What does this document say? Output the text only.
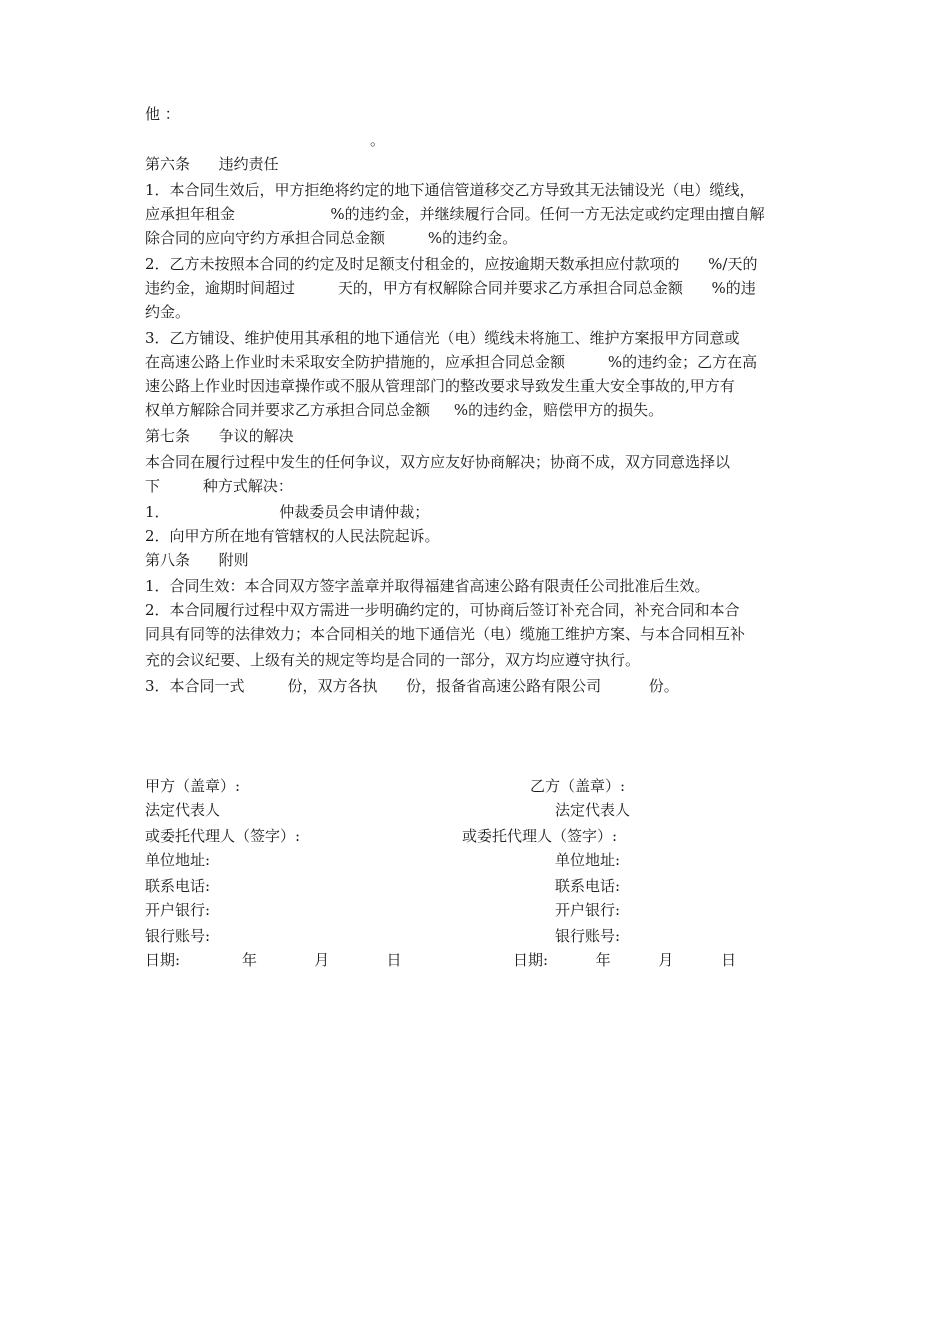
他 ：
。
第六条      违约责任
1．本合同生效后，甲方拒绝将约定的地下通信管道移交乙方导致其无法铺设光（电）缆线，
应承担年租金                    %的违约金，并继续履行合同。任何一方无法定或约定理由擅自解
除合同的应向守约方承担合同总金额         %的违约金。
2．乙方未按照本合同的约定及时足额支付租金的，应按逾期天数承担应付款项的      %/天的
违约金，逾期时间超过         天的，甲方有权解除合同并要求乙方承担合同总金额      %的违
约金。
3．乙方铺设、维护使用其承租的地下通信光（电）缆线未将施工、维护方案报甲方同意或
在高速公路上作业时未采取安全防护措施的，应承担合同总金额         %的违约金；乙方在高
速公路上作业时因违章操作或不服从管理部门的整改要求导致发生重大安全事故的,甲方有
权单方解除合同并要求乙方承担合同总金额     %的违约金，赔偿甲方的损失。
第七条      争议的解决
本合同在履行过程中发生的任何争议，双方应友好协商解决；协商不成，双方同意选择以
下         种方式解决：
1．                       仲裁委员会申请仲裁；
2．向甲方所在地有管辖权的人民法院起诉。
第八条      附则
1．合同生效：本合同双方签字盖章并取得福建省高速公路有限责任公司批准后生效。
2．本合同履行过程中双方需进一步明确约定的，可协商后签订补充合同，补充合同和本合
同具有同等的法律效力；本合同相关的地下通信光（电）缆施工维护方案、与本合同相互补
充的会议纪要、上级有关的规定等均是合同的一部分，双方均应遵守执行。
3．本合同一式         份，双方各执      份，报备省高速公路有限公司          份。
甲方（盖章）:
法定代表人
或委托代理人（签字）:
单位地址:
联系电话:
开户银行:
银行账号:
日期:             年            月            日
乙方（盖章）:
法定代表人
或委托代理人（签字）:
单位地址:
联系电话:
开户银行:
银行账号:
日期:          年          月          日
